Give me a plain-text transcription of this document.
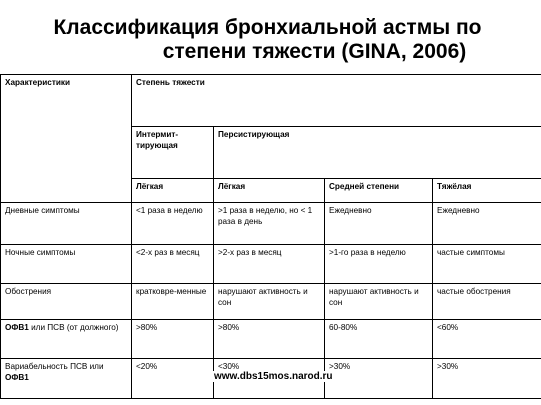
Классификация бронхиальной астмы по
степени тяжести (GINA, 2006)
Характеристики	Степень тяжести			
	Интермит-тирующая	Персистирующая		
	Лёгкая	Лёгкая	Средней степени	Тяжёлая
Дневные симптомы	<1 раза в неделю	>1 раза в неделю, но < 1 раза в день	Ежедневно	Ежедневно
Ночные симптомы	<2-х раз в месяц	>2-х раз в месяц	>1-го раза в неделю	частые симптомы
Обострения	кратковре-менные	нарушают активность и сон	нарушают активность и сон	частые обострения
ОФВ1 или ПСВ (от должного)	>80%	>80%	60-80%	<60%
Вариабельность ПСВ или ОФВ1	<20%	<30%	>30%	>30%
www.dbs15mos.narod.ru
